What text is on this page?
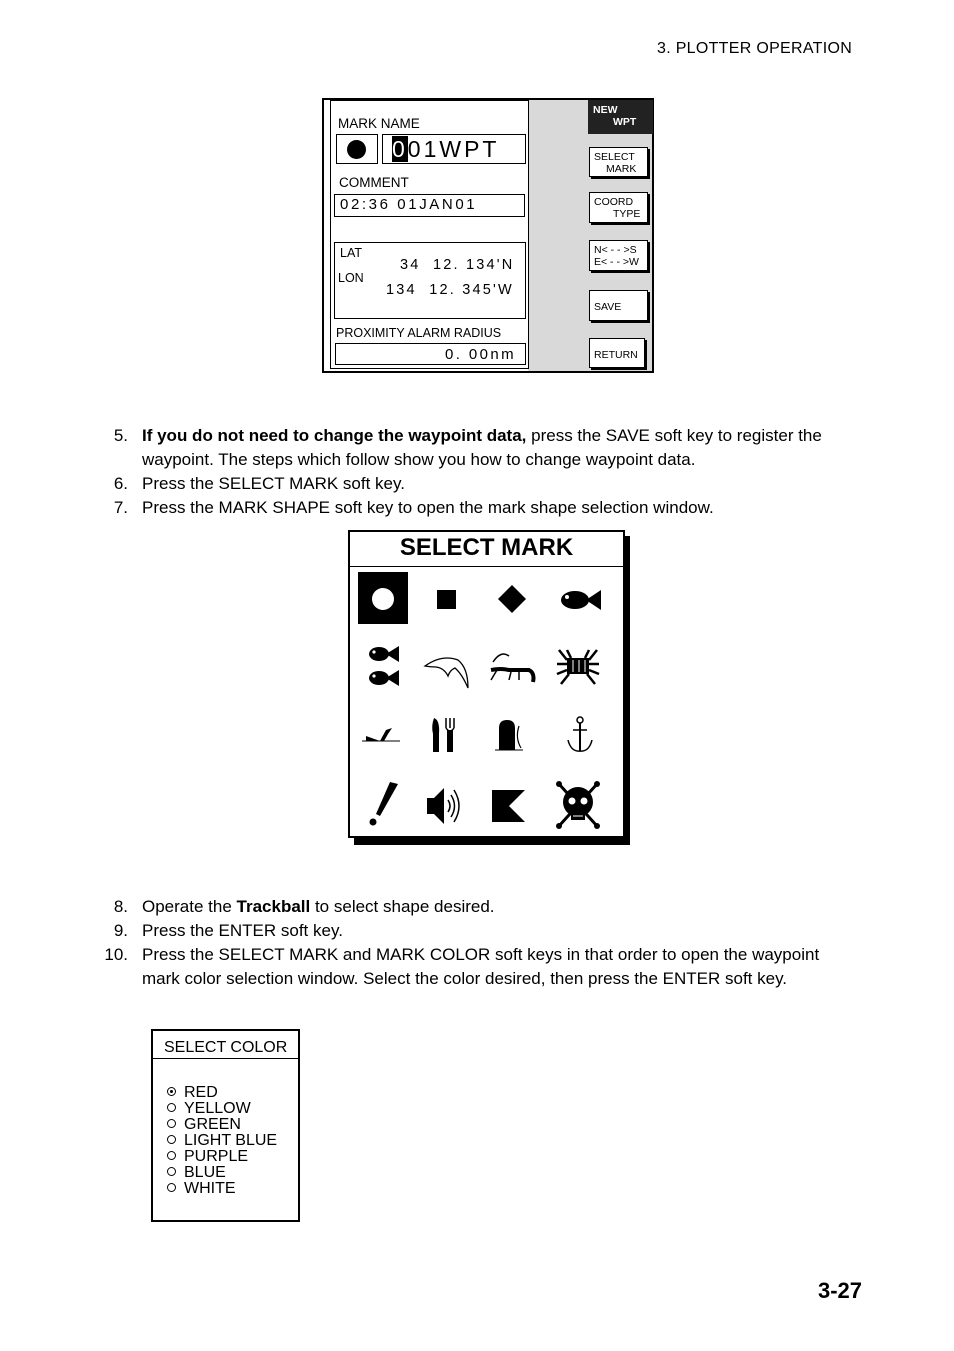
3. PLOTTER OPERATION
MARK NAME
001WPT
COMMENT
02:36 01JAN01
LAT
34  12. 134'N
LON
134  12. 345'W
PROXIMITY ALARM RADIUS
0. 00nm
NEW
WPT
SELECT
MARK
COORD
TYPE
N< - - >S
E< - - >W
SAVE
RETURN
5. If you do not need to change the waypoint data, press the SAVE soft key to register the waypoint. The steps which follow show you how to change waypoint data.
6. Press the SELECT MARK soft key.
7. Press the MARK SHAPE soft key to open the mark shape selection window.
SELECT MARK
8. Operate the Trackball to select shape desired.
9. Press the ENTER soft key.
10. Press the SELECT MARK and MARK COLOR soft keys in that order to open the waypoint mark color selection window. Select the color desired, then press the ENTER soft key.
SELECT COLOR
RED
YELLOW
GREEN
LIGHT BLUE
PURPLE
BLUE
WHITE
3-27
